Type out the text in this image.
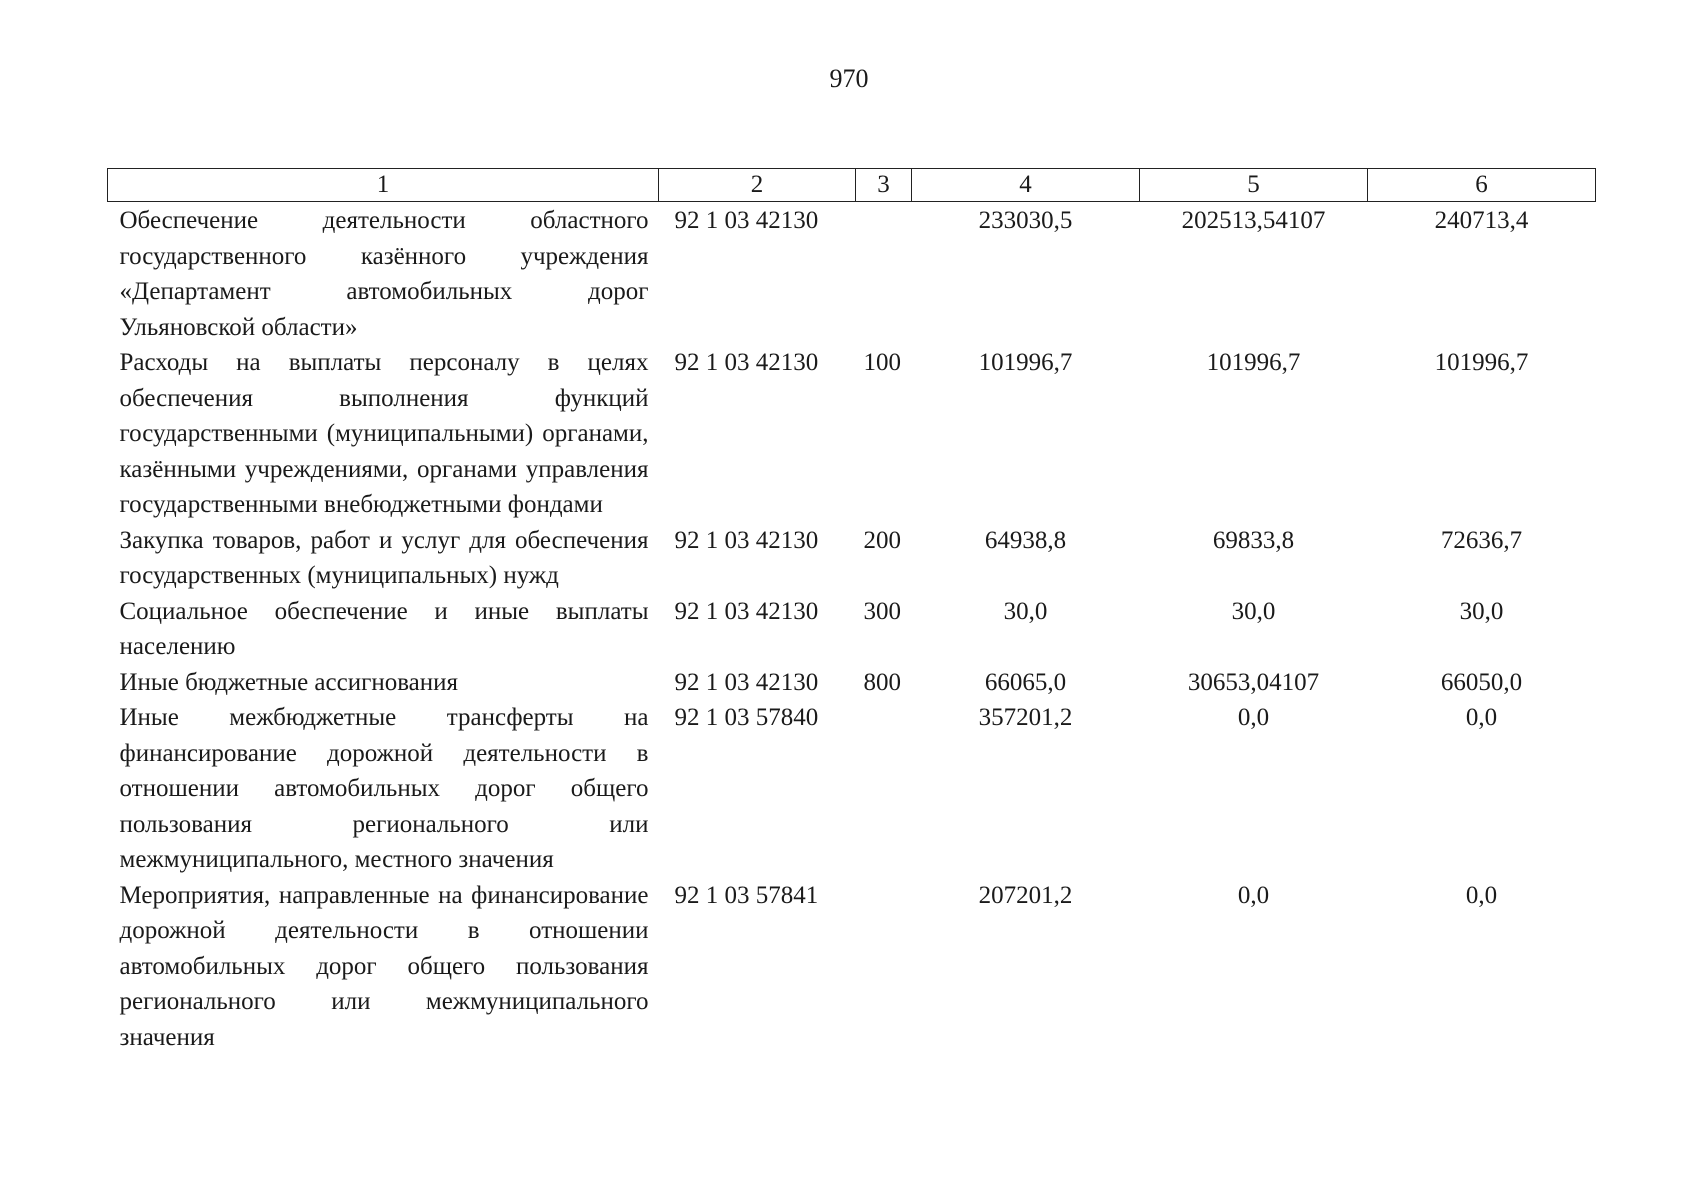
970
1	2	3	4	5	6
Обеспечение деятельности областного государственного казённого учреждения «Департамент автомобильных дорог Ульяновской области»	92 1 03 42130		233030,5	202513,54107	240713,4
Расходы на выплаты персоналу в целях обеспечения выполнения функций государственными (муниципальными) органами, казёнными учреждениями, органами управления государственными внебюджетными фондами	92 1 03 42130	100	101996,7	101996,7	101996,7
Закупка товаров, работ и услуг для обеспечения государственных (муниципальных) нужд	92 1 03 42130	200	64938,8	69833,8	72636,7
Социальное обеспечение и иные выплаты населению	92 1 03 42130	300	30,0	30,0	30,0
Иные бюджетные ассигнования	92 1 03 42130	800	66065,0	30653,04107	66050,0
Иные межбюджетные трансферты на финансирование дорожной деятельности в отношении автомобильных дорог общего пользования регионального или межмуниципального, местного значения	92 1 03 57840		357201,2	0,0	0,0
Мероприятия, направленные на финансирование дорожной деятельности в отношении автомобильных дорог общего пользования регионального или межмуниципального значения	92 1 03 57841		207201,2	0,0	0,0
